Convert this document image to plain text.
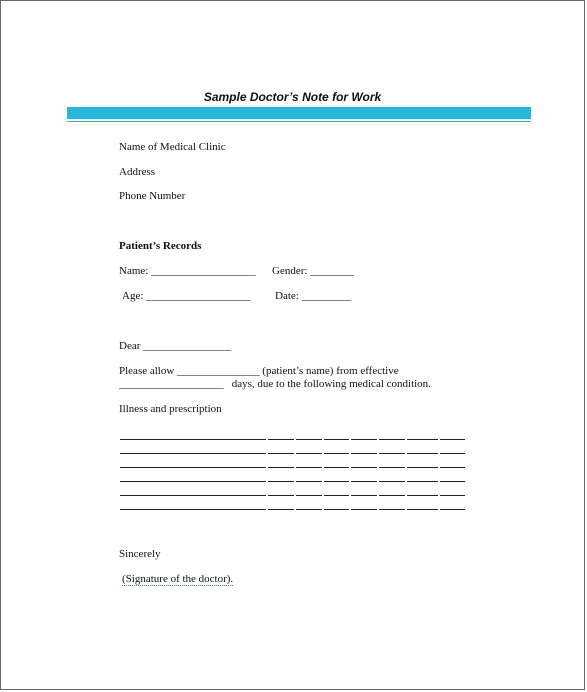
Sample Doctor’s Note for Work
Name of Medical Clinic
Address
Phone Number
Patient’s Records
Name: ___________________ Gender: ________
Age: ___________________ Date: _________
Dear ________________
Please allow _______________ (patient’s name) from effective
___________________   days, due to the following medical condition.
Illness and prescription
Sincerely
(Signature of the doctor).
